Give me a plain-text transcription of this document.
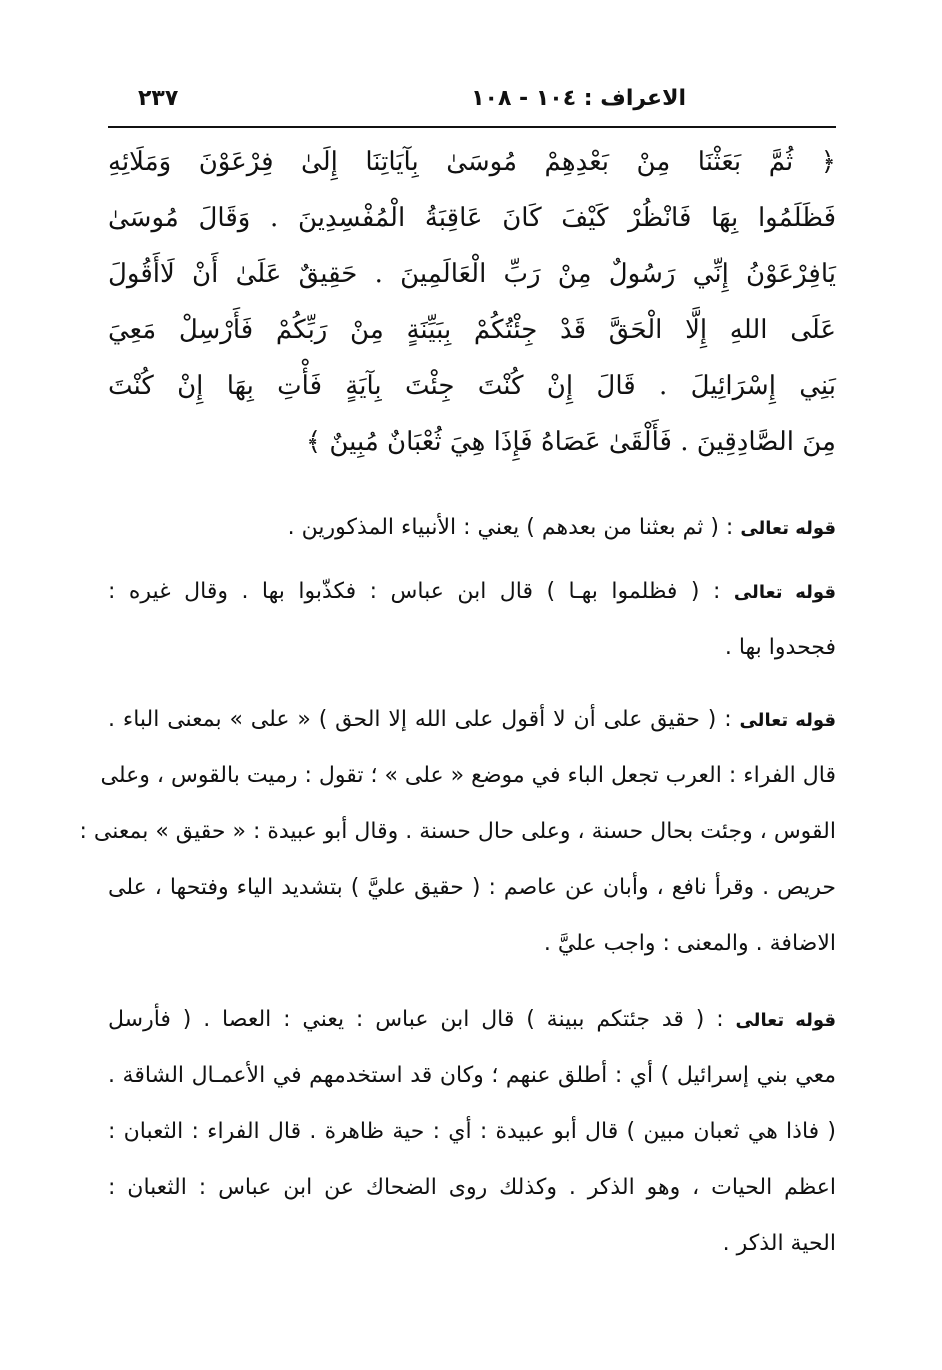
الاعراف : ١٠٤ - ١٠٨
٢٣٧
﴿ ثُمَّ بَعَثْنَا مِنْ بَعْدِهِمْ مُوسَىٰ بِآيَاتِنَا إِلَىٰ فِرْعَوْنَ وَمَلَائِهِ
فَظَلَمُوا بِهَا فَانْظُرْ كَيْفَ كَانَ عَاقِبَةُ الْمُفْسِدِينَ . وَقَالَ مُوسَىٰ
يَافِرْعَوْنُ إِنِّي رَسُولٌ مِنْ رَبِّ الْعَالَمِينَ . حَقِيقٌ عَلَىٰ أَنْ لَاأَقُولَ
عَلَى اللهِ إِلَّا الْحَقَّ قَدْ جِئْتُكُمْ بِبَيِّنَةٍ مِنْ رَبِّكُمْ فَأَرْسِلْ مَعِيَ
بَنِي إِسْرَائِيلَ . قَالَ إِنْ كُنْتَ جِئْتَ بِآيَةٍ فَأْتِ بِهَا إِنْ كُنْتَ
مِنَ الصَّادِقِينَ . فَأَلْقَىٰ عَصَاهُ فَإِذَا هِيَ ثُعْبَانٌ مُبِينٌ ﴾
قوله تعالى : ( ثم بعثنا من بعدهم ) يعني : الأنبياء المذكورين .
قوله تعالى : ( فظلموا بهـا ) قال ابن عباس : فكذّبوا بها . وقال غيره :
فجحدوا بها .
قوله تعالى : ( حقيق على أن لا أقول على الله إلا الحق ) « على » بمعنى الباء .
قال الفراء : العرب تجعل الباء في موضع « على » ؛ تقول : رميت بالقوس ، وعلى
القوس ، وجئت بحال حسنة ، وعلى حال حسنة . وقال أبو عبيدة : « حقيق » بمعنى :
حريص . وقرأ نافع ، وأبان عن عاصم : ( حقيق عليَّ ) بتشديد الياء وفتحها ، على
الاضافة . والمعنى : واجب عليَّ .
قوله تعالى : ( قد جئتكم ببينة ) قال ابن عباس : يعني : العصا . ( فأرسل
معي بني إسرائيل ) أي : أطلق عنهم ؛ وكان قد استخدمهم في الأعمـال الشاقة .
( فاذا هي ثعبان مبين ) قال أبو عبيدة : أي : حية ظاهرة . قال الفراء : الثعبان :
اعظم الحيات ، وهو الذكر . وكذلك روى الضحاك عن ابن عباس : الثعبان :
الحية الذكر .
